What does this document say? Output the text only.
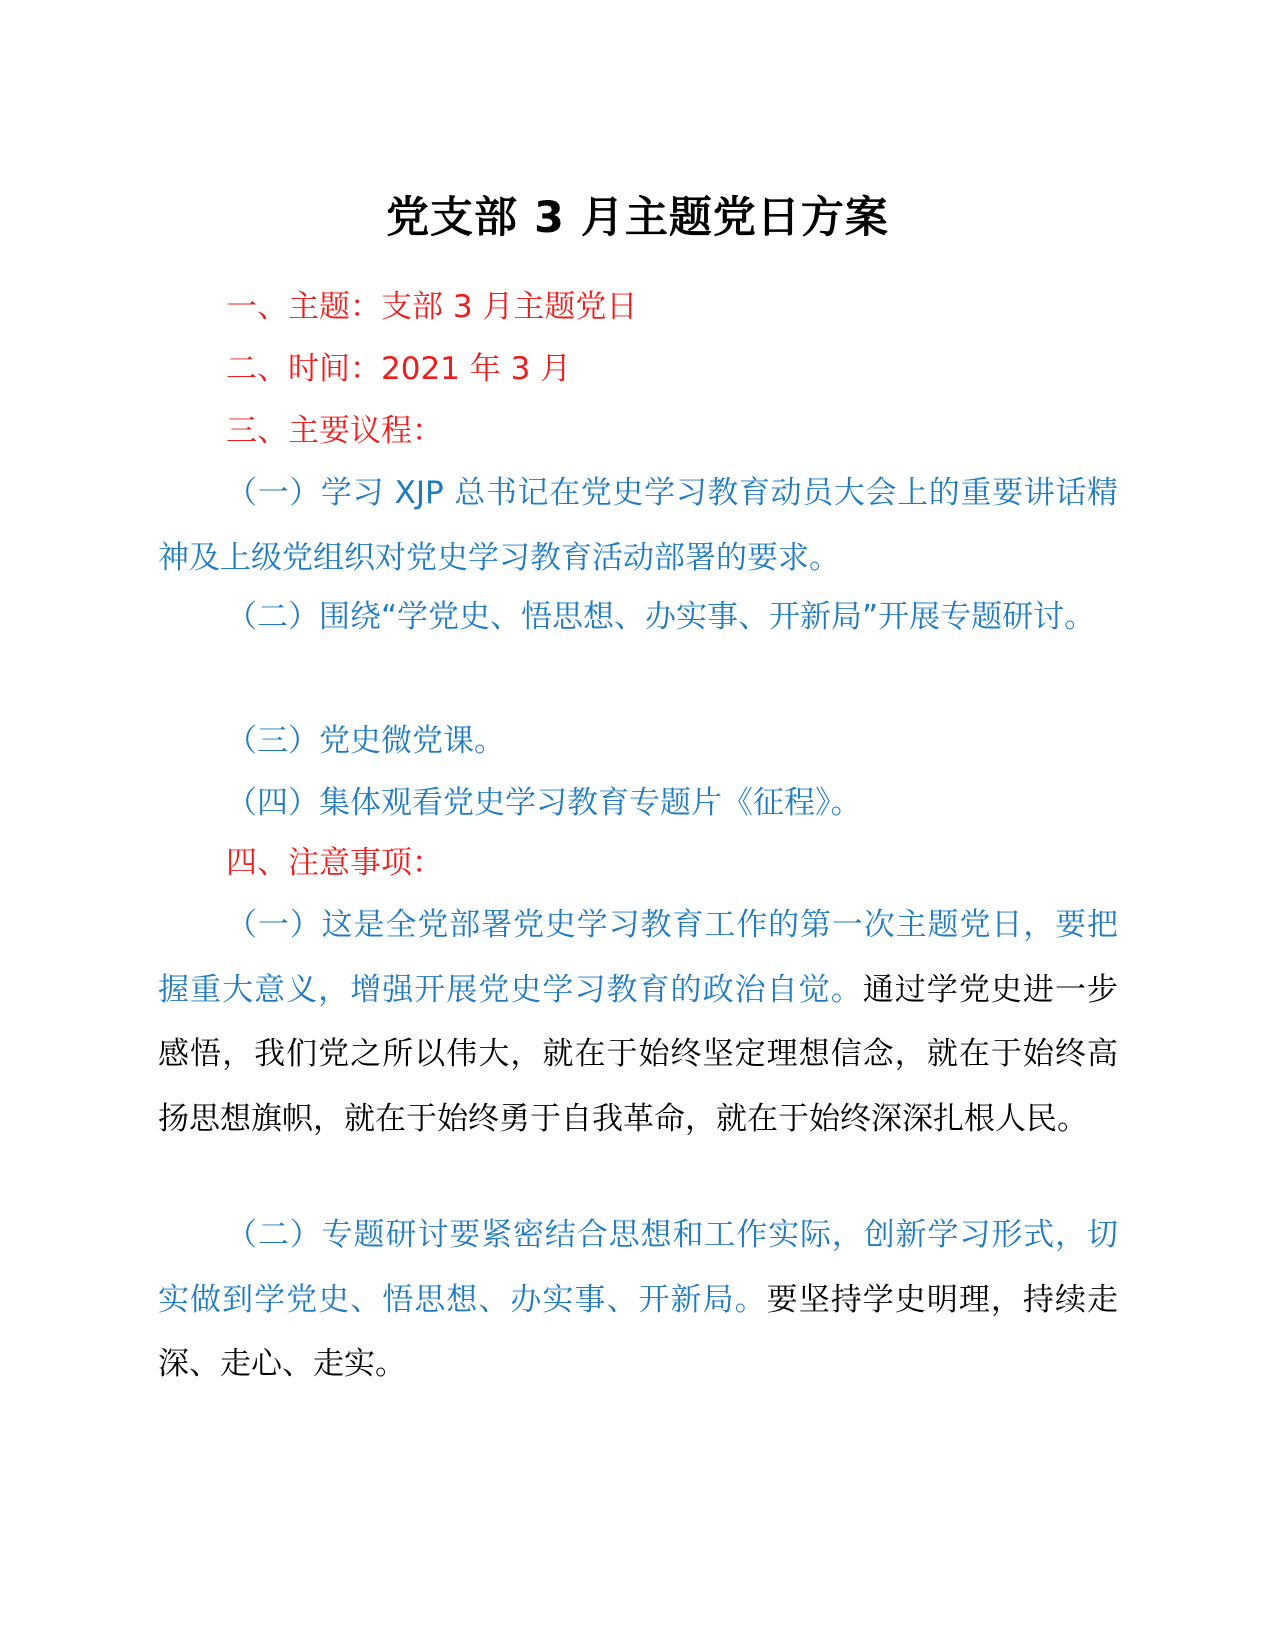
党支部 3 月主题党日方案

一、主题：支部 3 月主题党日

二、时间：2021 年 3 月

三、主要议程：

（一）学习 XJP 总书记在党史学习教育动员大会上的重要讲话精神及上级党组织对党史学习教育活动部署的要求。

（二）围绕“学党史、悟思想、办实事、开新局”开展专题研讨。

（三）党史微党课。

（四）集体观看党史学习教育专题片《征程》。

四、注意事项：

（一）这是全党部署党史学习教育工作的第一次主题党日，要把握重大意义，增强开展党史学习教育的政治自觉。通过学党史进一步感悟，我们党之所以伟大，就在于始终坚定理想信念，就在于始终高扬思想旗帜，就在于始终勇于自我革命，就在于始终深深扎根人民。

（二）专题研讨要紧密结合思想和工作实际，创新学习形式，切实做到学党史、悟思想、办实事、开新局。要坚持学史明理，持续走深、走心、走实。
